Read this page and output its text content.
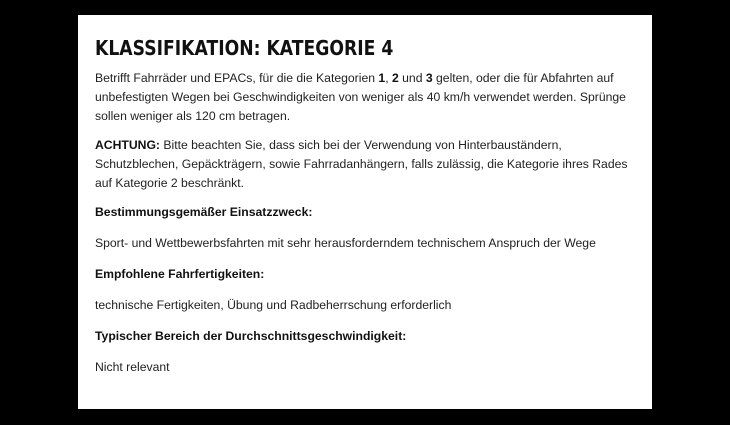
KLASSIFIKATION: KATEGORIE 4

Betrifft Fahrräder und EPACs, für die die Kategorien 1, 2 und 3 gelten, oder die für Abfahrten auf unbefestigten Wegen bei Geschwindigkeiten von weniger als 40 km/h verwendet werden. Sprünge sollen weniger als 120 cm betragen.

ACHTUNG: Bitte beachten Sie, dass sich bei der Verwendung von Hinterbauständern, Schutzblechen, Gepäckträgern, sowie Fahrradanhängern, falls zulässig, die Kategorie ihres Rades auf Kategorie 2 beschränkt.

Bestimmungsgemäßer Einsatzzweck:

Sport- und Wettbewerbsfahrten mit sehr herausforderndem technischem Anspruch der Wege

Empfohlene Fahrfertigkeiten:

technische Fertigkeiten, Übung und Radbeherrschung erforderlich

Typischer Bereich der Durchschnittsgeschwindigkeit:

Nicht relevant
